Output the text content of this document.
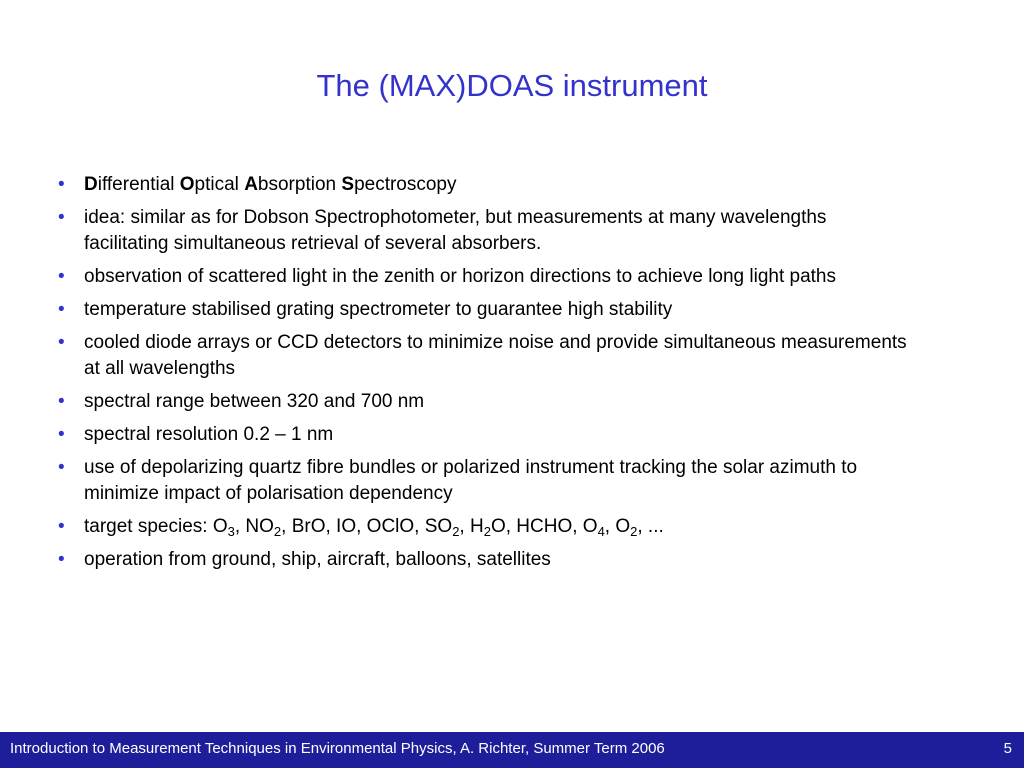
The (MAX)DOAS instrument
• Differential Optical Absorption Spectroscopy
• idea: similar as for Dobson Spectrophotometer, but measurements at many wavelengths facilitating simultaneous retrieval of several absorbers.
• observation of scattered light in the zenith or horizon directions to achieve long light paths
• temperature stabilised grating spectrometer to guarantee high stability
• cooled diode arrays or CCD detectors to minimize noise and provide simultaneous measurements at all wavelengths
• spectral range between 320 and 700 nm
• spectral resolution 0.2 – 1 nm
• use of depolarizing quartz fibre bundles or polarized instrument tracking the solar azimuth to minimize impact of polarisation dependency
• target species: $O_3$, $NO_2$, BrO, IO, OClO, $SO_2$, $H_2O$, HCHO, $O_4$, $O_2$, ...
• operation from ground, ship, aircraft, balloons, satellites
Introduction to Measurement Techniques in Environmental Physics, A. Richter, Summer Term 2006	5
